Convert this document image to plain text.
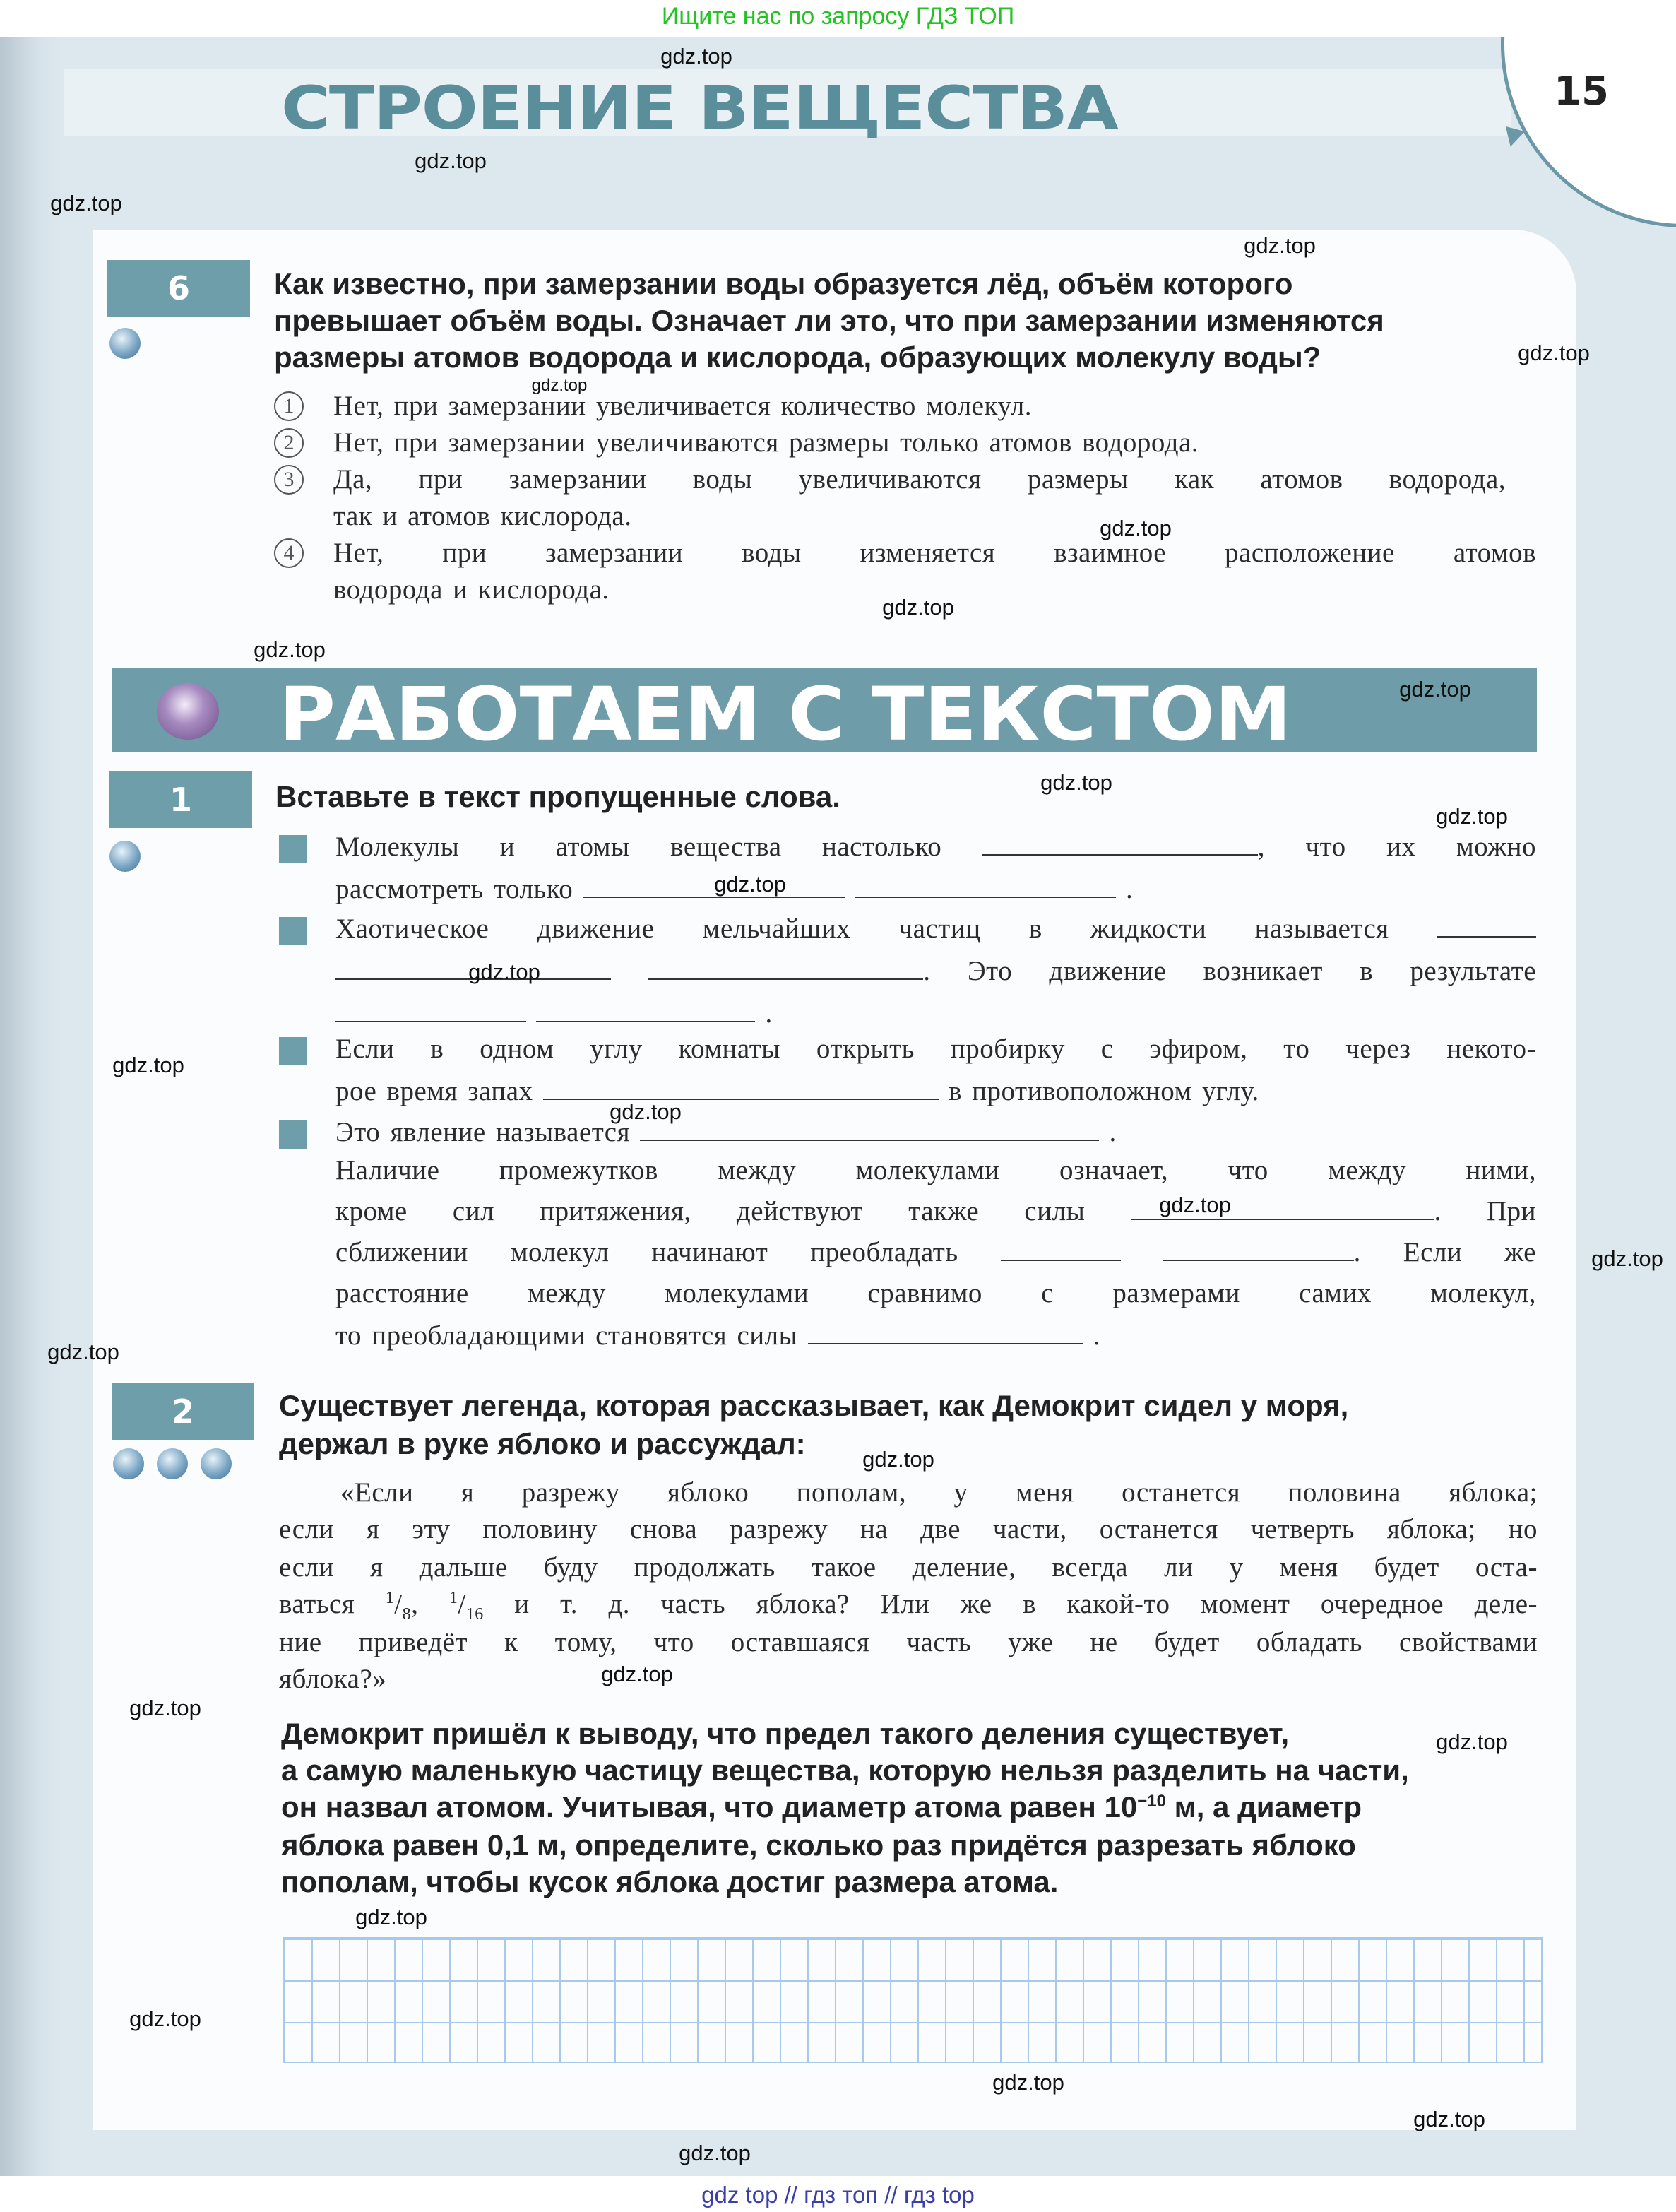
Ищите нас по запросу ГДЗ ТОП
СТРОЕНИЕ ВЕЩЕСТВА	15
6	Как известно, при замерзании воды образуется лёд, объём которого
превышает объём воды. Означает ли это, что при замерзании изменяются
размеры атомов водорода и кислорода, образующих молекулу воды?
1	Нет, при замерзании увеличивается количество молекул.
2	Нет, при замерзании увеличиваются размеры только атомов водорода.
3	Да, при замерзании воды увеличиваются размеры как атомов водорода,
так и атомов кислорода.
4	Нет, при замерзании воды изменяется взаимное расположение атомов
водорода и кислорода.
РАБОТАЕМ С ТЕКСТОМ
1	Вставьте в текст пропущенные слова.
Молекулы и атомы вещества настолько	, что их можно
рассмотреть только	.
Хаотическое движение мельчайших частиц в жидкости называется
. Это движение возникает в результате
.
Если в одном углу комнаты открыть пробирку с эфиром, то через некото-
рое время запах	в противоположном углу.
Это явление называется	.
Наличие промежутков между молекулами означает, что между ними,
кроме сил притяжения, действуют также силы	. При
сближении молекул начинают преобладать	. Если же
расстояние между молекулами сравнимо с размерами самих молекул,
то преобладающими становятся силы	.
2	Существует легенда, которая рассказывает, как Демокрит сидел у моря,
держал в руке яблоко и рассуждал:
«Если я разрежу яблоко пополам, у меня останется половина яблока;
если я эту половину снова разрежу на две части, останется четверть яблока; но
если я дальше буду продолжать такое деление, всегда ли у меня будет оста-
ваться $^1/_8$, $^1/_{16}$ и т. д. часть яблока? Или же в какой-то момент очередное деле-
ние приведёт к тому, что оставшаяся часть уже не будет обладать свойствами
яблока?»
Демокрит пришёл к выводу, что предел такого деления существует,
а самую маленькую частицу вещества, которую нельзя разделить на части,
он назвал атомом. Учитывая, что диаметр атома равен $10^{-10}$ м, а диаметр
яблока равен 0,1 м, определите, сколько раз придётся разрезать яблоко
пополам, чтобы кусок яблока достиг размера атома.
gdz.top
gdz.top
gdz.top
gdz.top
gdz.top
gdz.top
gdz.top
gdz.top
gdz.top
gdz.top
gdz.top
gdz.top
gdz.top
gdz.top
gdz.top
gdz.top
gdz.top
gdz.top
gdz.top
gdz.top
gdz.top
gdz.top
gdz.top
gdz.top
gdz.top
gdz.top
gdz.top
gdz.top
gdz top // гдз топ // гдз top
